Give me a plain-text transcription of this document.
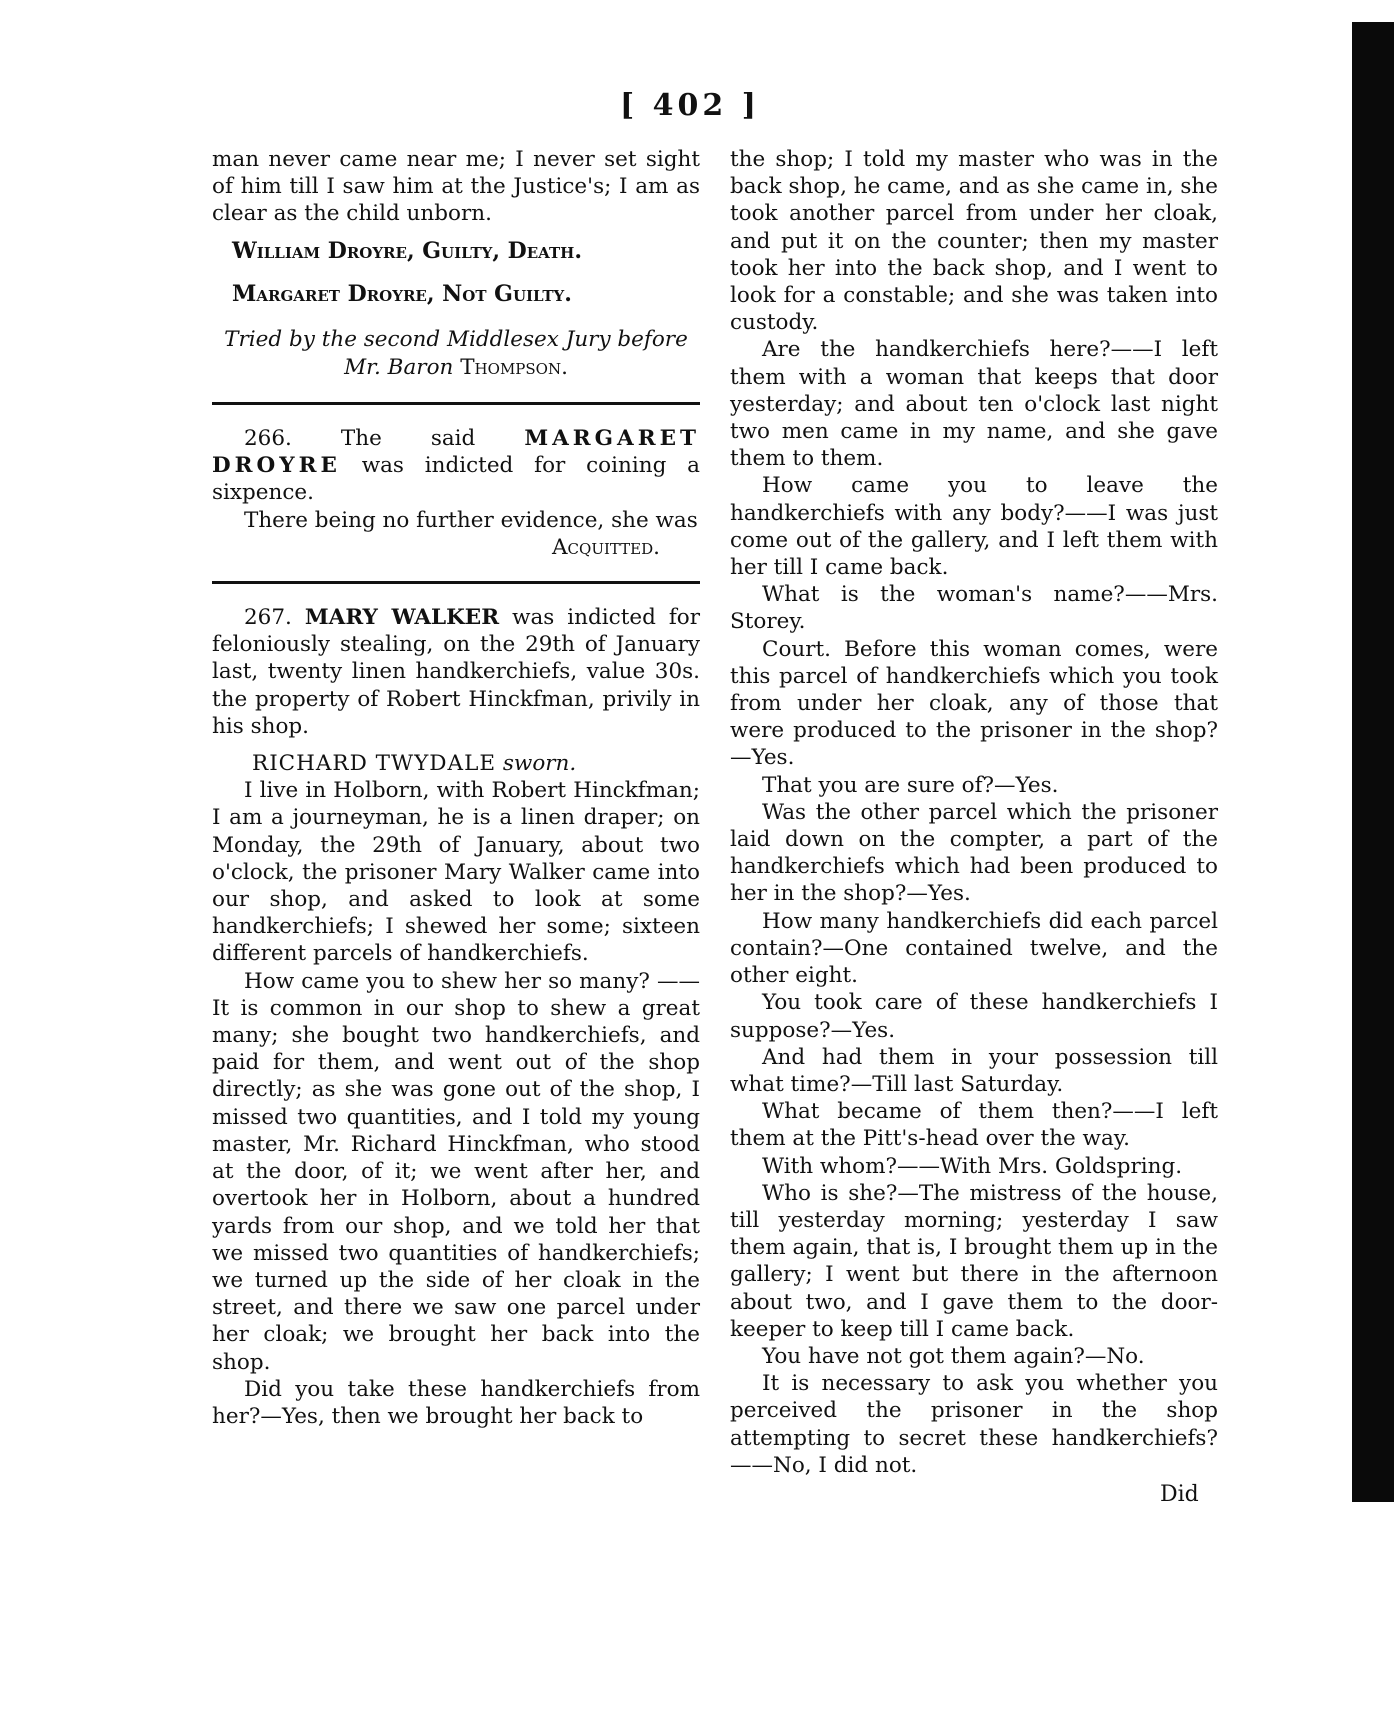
[ 402 ]

man never came near me; I never set sight of him till I saw him at the Justice's; I am as clear as the child unborn.

William Droyre, Guilty, Death.
Margaret Droyre, Not Guilty.
Tried by the second Middlesex Jury before Mr. Baron Thompson.

266. The said MARGARET DROYRE was indicted for coining a sixpence.

There being no further evidence, she was

Acquitted.

267. MARY WALKER was indicted for feloniously stealing, on the 29th of January last, twenty linen handkerchiefs, value 30s. the property of Robert Hinckfman, privily in his shop.

RICHARD TWYDALE sworn.

I live in Holborn, with Robert Hinckfman; I am a journeyman, he is a linen draper; on Monday, the 29th of January, about two o'clock, the prisoner Mary Walker came into our shop, and asked to look at some handkerchiefs; I shewed her some; sixteen different parcels of handkerchiefs.

How came you to shew her so many? ——It is common in our shop to shew a great many; she bought two handkerchiefs, and paid for them, and went out of the shop directly; as she was gone out of the shop, I missed two quantities, and I told my young master, Mr. Richard Hinckfman, who stood at the door, of it; we went after her, and overtook her in Holborn, about a hundred yards from our shop, and we told her that we missed two quantities of handkerchiefs; we turned up the side of her cloak in the street, and there we saw one parcel under her cloak; we brought her back into the shop.

Did you take these handkerchiefs from her?—Yes, then we brought her back to

the shop; I told my master who was in the back shop, he came, and as she came in, she took another parcel from under her cloak, and put it on the counter; then my master took her into the back shop, and I went to look for a constable; and she was taken into custody.

Are the handkerchiefs here?——I left them with a woman that keeps that door yesterday; and about ten o'clock last night two men came in my name, and she gave them to them.

How came you to leave the handkerchiefs with any body?——I was just come out of the gallery, and I left them with her till I came back.

What is the woman's name?——Mrs. Storey.

Court. Before this woman comes, were this parcel of handkerchiefs which you took from under her cloak, any of those that were produced to the prisoner in the shop?—Yes.

That you are sure of?—Yes.

Was the other parcel which the prisoner laid down on the compter, a part of the handkerchiefs which had been produced to her in the shop?—Yes.

How many handkerchiefs did each parcel contain?—One contained twelve, and the other eight.

You took care of these handkerchiefs I suppose?—Yes.

And had them in your possession till what time?—Till last Saturday.

What became of them then?——I left them at the Pitt's-head over the way.

With whom?——With Mrs. Goldspring.

Who is she?—The mistress of the house, till yesterday morning; yesterday I saw them again, that is, I brought them up in the gallery; I went but there in the afternoon about two, and I gave them to the door-keeper to keep till I came back.

You have not got them again?—No.

It is necessary to ask you whether you perceived the prisoner in the shop attempting to secret these handkerchiefs?——No, I did not.

Did
